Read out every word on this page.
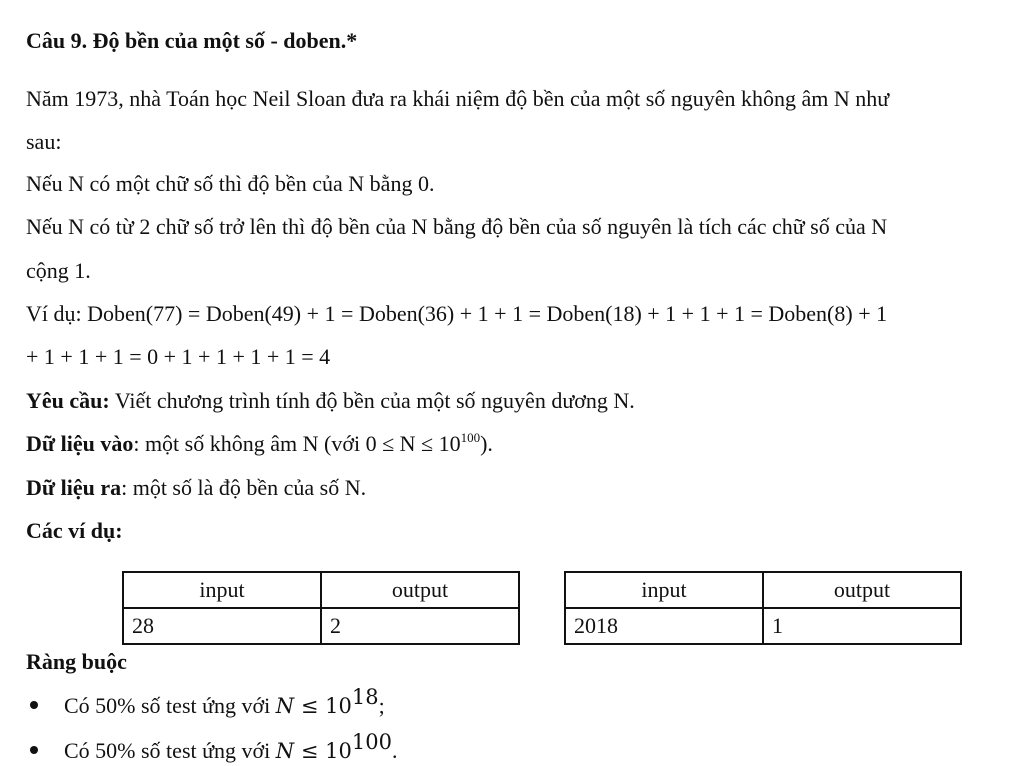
Câu 9. Độ bền của một số - doben.*
Năm 1973, nhà Toán học Neil Sloan đưa ra khái niệm độ bền của một số nguyên không âm N như
sau:
Nếu N có một chữ số thì độ bền của N bằng 0.
Nếu N có từ 2 chữ số trở lên thì độ bền của N bằng độ bền của số nguyên là tích các chữ số của N
cộng 1.
Ví dụ: Doben(77) = Doben(49) + 1 = Doben(36) + 1 + 1 = Doben(18) + 1 + 1 + 1 = Doben(8) + 1
+ 1 + 1 + 1 = 0 + 1 + 1 + 1 + 1 = 4
Yêu cầu: Viết chương trình tính độ bền của một số nguyên dương N.
Dữ liệu vào: một số không âm N (với $0 \le N \le 10^{100}$).
Dữ liệu ra: một số là độ bền của số N.
Các ví dụ:
input	output
28	2
input	output
2018	1
Ràng buộc
Có 50% số test ứng với $N \le 10^{18}$;
Có 50% số test ứng với $N \le 10^{100}$.
